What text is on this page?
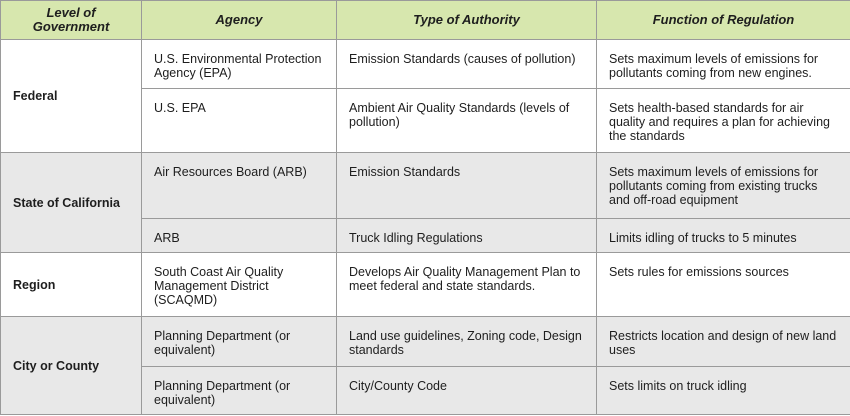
Level of Government	Agency	Type of Authority	Function of Regulation
Federal	U.S. Environmental Protection Agency (EPA)	Emission Standards (causes of pollution)	Sets maximum levels of emissions for pollutants coming from new engines.
	U.S. EPA	Ambient Air Quality Standards (levels of pollution)	Sets health-based standards for air quality and requires a plan for achieving the standards
State of California	Air Resources Board (ARB)	Emission Standards	Sets maximum levels of emissions for pollutants coming from existing trucks and off-road equipment
	ARB	Truck Idling Regulations	Limits idling of trucks to 5 minutes
Region	South Coast Air Quality Management District (SCAQMD)	Develops Air Quality Management Plan to meet federal and state standards.	Sets rules for emissions sources
City or County	Planning Department (or equivalent)	Land use guidelines, Zoning code, Design standards	Restricts location and design of new land uses
	Planning Department (or equivalent)	City/County Code	Sets limits on truck idling
